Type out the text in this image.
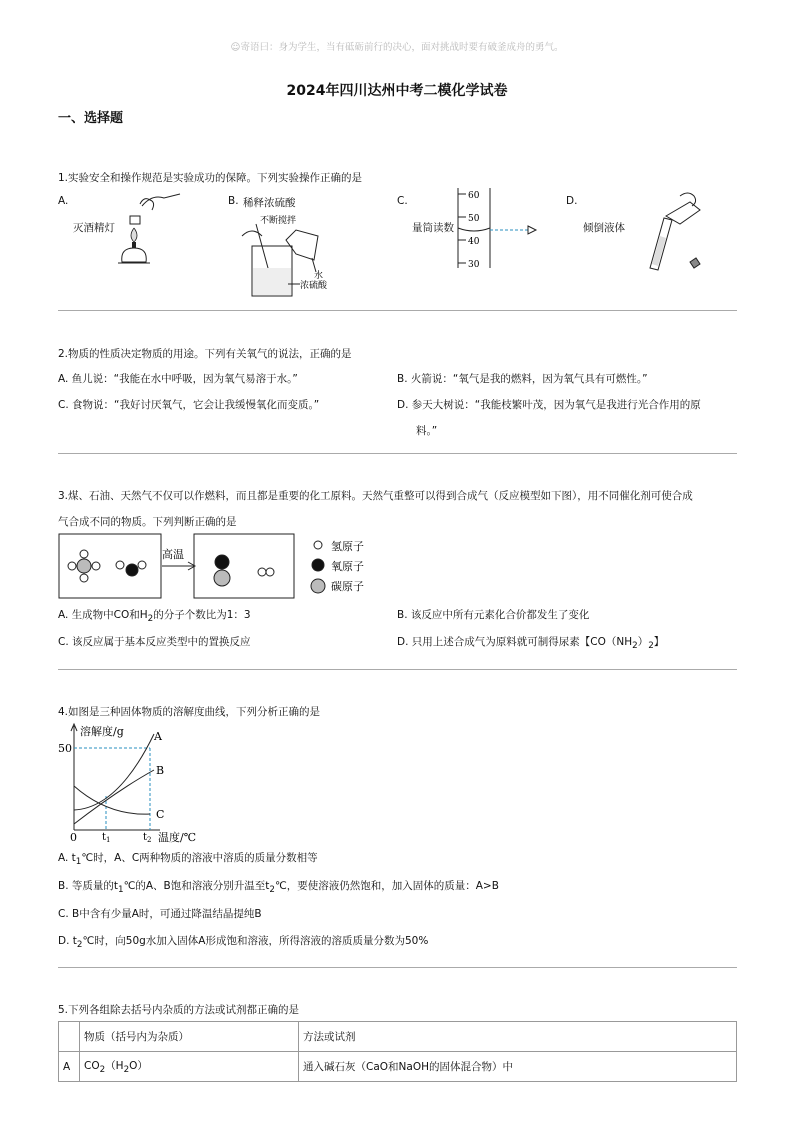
☺寄语曰：身为学生，当有砥砺前行的决心，面对挑战时要有破釜成舟的勇气。
2024年四川达州中考二模化学试卷
一、选择题
1.实验安全和操作规范是实验成功的保障。下列实验操作正确的是
A.
灭酒精灯
B. 稀释浓硫酸
不断搅拌
水
浓硫酸
C.
量筒读数
60
50
40
30
D.
倾倒液体
2.物质的性质决定物质的用途。下列有关氧气的说法，正确的是
A. 鱼儿说：“我能在水中呼吸，因为氧气易溶于水。”	B. 火箭说：“氧气是我的燃料，因为氧气具有可燃性。”
C. 食物说：“我好讨厌氧气，它会让我缓慢氧化而变质。”	D. 参天大树说：“我能枝繁叶茂，因为氧气是我进行光合作用的原
料。”
3.煤、石油、天然气不仅可以作燃料，而且都是重要的化工原料。天然气重整可以得到合成气（反应模型如下图），用不同催化剂可使合成
气合成不同的物质。下列判断正确的是
高温
氢原子
氧原子
碳原子
A. 生成物中CO和$H_2$的分子个数比为1：3	B. 该反应中所有元素化合价都发生了变化
C. 该反应属于基本反应类型中的置换反应	D. 只用上述合成气为原料就可制得尿素【$CO(NH_2)_2$】
4.如图是三种固体物质的溶解度曲线，下列分析正确的是
溶解度/g
50
A
B
C
0	$t_1$	$t_2$ 温度/℃
A. $t_1℃$时，A、C两种物质的溶液中溶质的质量分数相等
B. 等质量的$t_1℃$的A、B饱和溶液分别升温至$t_2℃$，要使溶液仍然饱和，加入固体的质量：A>B
C. B中含有少量A时，可通过降温结晶提纯B
D. $t_2℃$时，向50g水加入固体A形成饱和溶液，所得溶液的溶质质量分数为50%
5.下列各组除去括号内杂质的方法或试剂都正确的是
	物质（括号内为杂质）	方法或试剂
A	$CO_2(H_2O)$	通入碱石灰（CaO和NaOH的固体混合物）中
